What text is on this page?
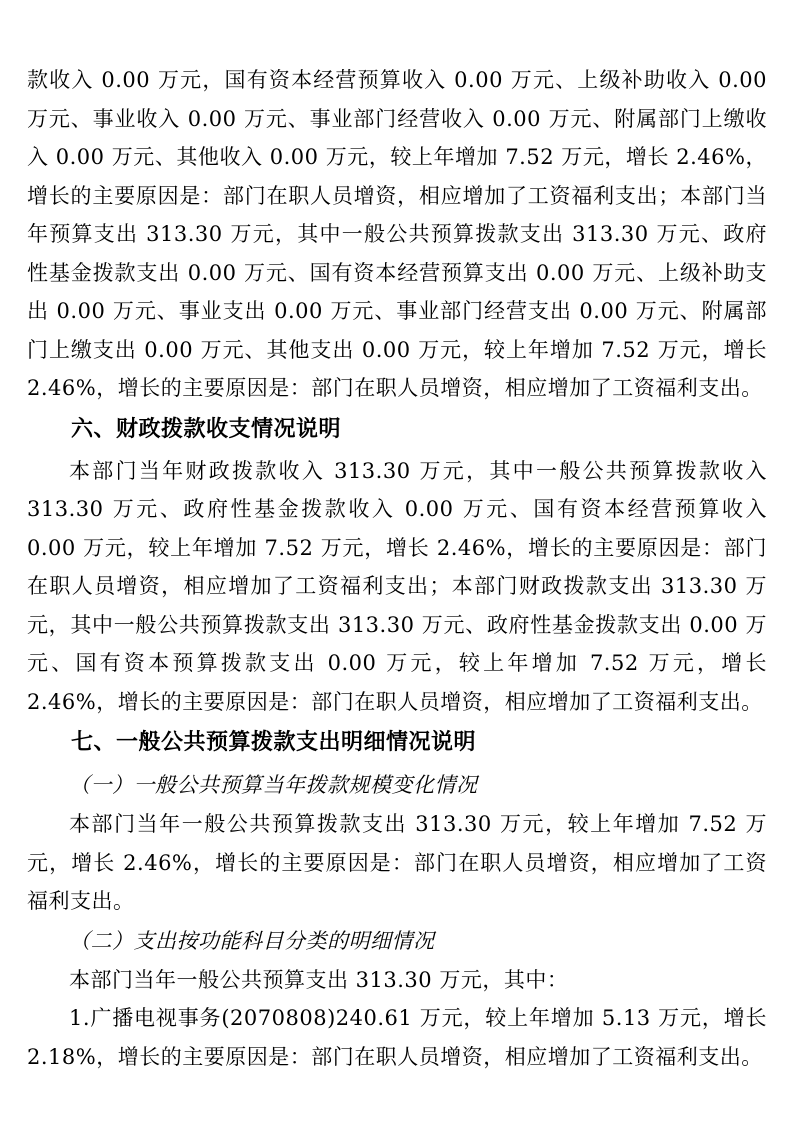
款收入 0.00 万元，国有资本经营预算收入 0.00 万元、上级补助收入 0.00 万元、事业收入 0.00 万元、事业部门经营收入 0.00 万元、附属部门上缴收入 0.00 万元、其他收入 0.00 万元，较上年增加 7.52 万元，增长 2.46%，增长的主要原因是：部门在职人员增资，相应增加了工资福利支出；本部门当年预算支出 313.30 万元，其中一般公共预算拨款支出 313.30 万元、政府性基金拨款支出 0.00 万元、国有资本经营预算支出 0.00 万元、上级补助支出 0.00 万元、事业支出 0.00 万元、事业部门经营支出 0.00 万元、附属部门上缴支出 0.00 万元、其他支出 0.00 万元，较上年增加 7.52 万元，增长 2.46%，增长的主要原因是：部门在职人员增资，相应增加了工资福利支出。

六、财政拨款收支情况说明

本部门当年财政拨款收入 313.30 万元，其中一般公共预算拨款收入 313.30 万元、政府性基金拨款收入 0.00 万元、国有资本经营预算收入 0.00 万元，较上年增加 7.52 万元，增长 2.46%，增长的主要原因是：部门在职人员增资，相应增加了工资福利支出；本部门财政拨款支出 313.30 万元，其中一般公共预算拨款支出 313.30 万元、政府性基金拨款支出 0.00 万元、国有资本预算拨款支出 0.00 万元，较上年增加 7.52 万元，增长 2.46%，增长的主要原因是：部门在职人员增资，相应增加了工资福利支出。

七、一般公共预算拨款支出明细情况说明
（一）一般公共预算当年拨款规模变化情况

本部门当年一般公共预算拨款支出 313.30 万元，较上年增加 7.52 万元，增长 2.46%，增长的主要原因是：部门在职人员增资，相应增加了工资福利支出。

（二）支出按功能科目分类的明细情况

本部门当年一般公共预算支出 313.30 万元，其中：

1.广播电视事务(2070808)240.61 万元，较上年增加 5.13 万元，增长 2.18%，增长的主要原因是：部门在职人员增资，相应增加了工资福利支出。
